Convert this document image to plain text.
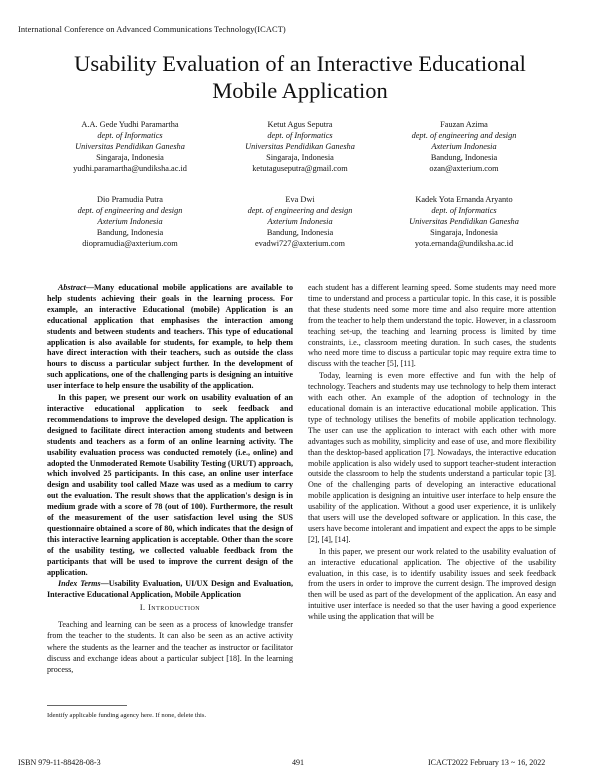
International Conference on Advanced Communications Technology(ICACT)
Usability Evaluation of an Interactive Educational
Mobile Application
A.A. Gede Yudhi Paramartha
dept. of Informatics
Universitas Pendidikan Ganesha
Singaraja, Indonesia
yudhi.paramartha@undiksha.ac.id
Ketut Agus Seputra
dept. of Informatics
Universitas Pendidikan Ganesha
Singaraja, Indonesia
ketutaguseputra@gmail.com
Fauzan Azima
dept. of engineering and design
Axterium Indonesia
Bandung, Indonesia
ozan@axterium.com
Dio Pramudia Putra
dept. of engineering and design
Axterium Indonesia
Bandung, Indonesia
diopramudia@axterium.com
Eva Dwi
dept. of engineering and design
Axterium Indonesia
Bandung, Indonesia
evadwi727@axterium.com
Kadek Yota Ernanda Aryanto
dept. of Informatics
Universitas Pendidikan Ganesha
Singaraja, Indonesia
yota.ernanda@undiksha.ac.id

Abstract—Many educational mobile applications are available to help students achieving their goals in the learning process. For example, an interactive Educational (mobile) Application is an educational application that emphasises the interaction among students and between students and teachers. This type of educational application is also available for students, for example, to help them have direct interaction with their teachers, such as outside the class hours to discuss a particular subject further. In the development of such applications, one of the challenging parts is designing an intuitive user interface to help ensure the usability of the application.

In this paper, we present our work on usability evaluation of an interactive educational application to seek feedback and recommendations to improve the developed design. The application is designed to facilitate direct interaction among students and between students and teachers as a form of an online learning activity. The usability evaluation process was conducted remotely (i.e., online) and adopted the Unmoderated Remote Usability Testing (URUT) approach, which involved 25 participants. In this case, an online user interface design and usability tool called Maze was used as a medium to carry out the evaluation. The result shows that the application's design is in medium grade with a score of 78 (out of 100). Furthermore, the result of the measurement of the user satisfaction level using the SUS questionnaire obtained a score of 80, which indicates that the design of this interactive learning application is acceptable. Other than the score of the usability testing, we collected valuable feedback from the participants that will be used to improve the current design of the application.

Index Terms—Usability Evaluation, UI/UX Design and Evaluation, Interactive Educational Application, Mobile Application

I. Introduction

Teaching and learning can be seen as a process of knowledge transfer from the teacher to the students. It can also be seen as an active activity where the students as the learner and the teacher as instructor or facilitator discuss and exchange ideas about a particular subject [18]. In the learning process,

Identify applicable funding agency here. If none, delete this.

each student has a different learning speed. Some students may need more time to understand and process a particular topic. In this case, it is possible that these students need some more time and also require more attention from the teacher to help them understand the topic. However, in a classroom teaching set-up, the teaching and learning process is limited by time constraints, i.e., classroom meeting duration. In such cases, the students who need more time to discuss a particular topic may require extra time to discuss with the teacher [5], [11].

Today, learning is even more effective and fun with the help of technology. Teachers and students may use technology to help them interact with each other. An example of the adoption of technology in the educational domain is an interactive educational mobile application. This type of technology utilises the benefits of mobile application technology. The user can use the application to interact with each other with more advantages such as mobility, simplicity and ease of use, and more flexibility than the desktop-based application [7]. Nowadays, the interactive education mobile application is also widely used to support teacher-student interaction outside the classroom to help the students understand a particular topic [3]. One of the challenging parts of developing an interactive educational mobile application is designing an intuitive user interface to help ensure the usability of the application. Without a good user experience, it is unlikely that users will use the developed software or application. In this case, the users have become intolerant and impatient and expect the apps to be simple [2], [4], [14].

In this paper, we present our work related to the usability evaluation of an interactive educational application. The objective of the usability evaluation, in this case, is to identify usability issues and seek feedback from the users in order to improve the current design. The improved design then will be used as part of the development of the application. An easy and intuitive user interface is needed so that the user having a good experience while using the application that will be

ISBN 979-11-88428-08-3	491	ICACT2022 February 13 ~ 16, 2022
